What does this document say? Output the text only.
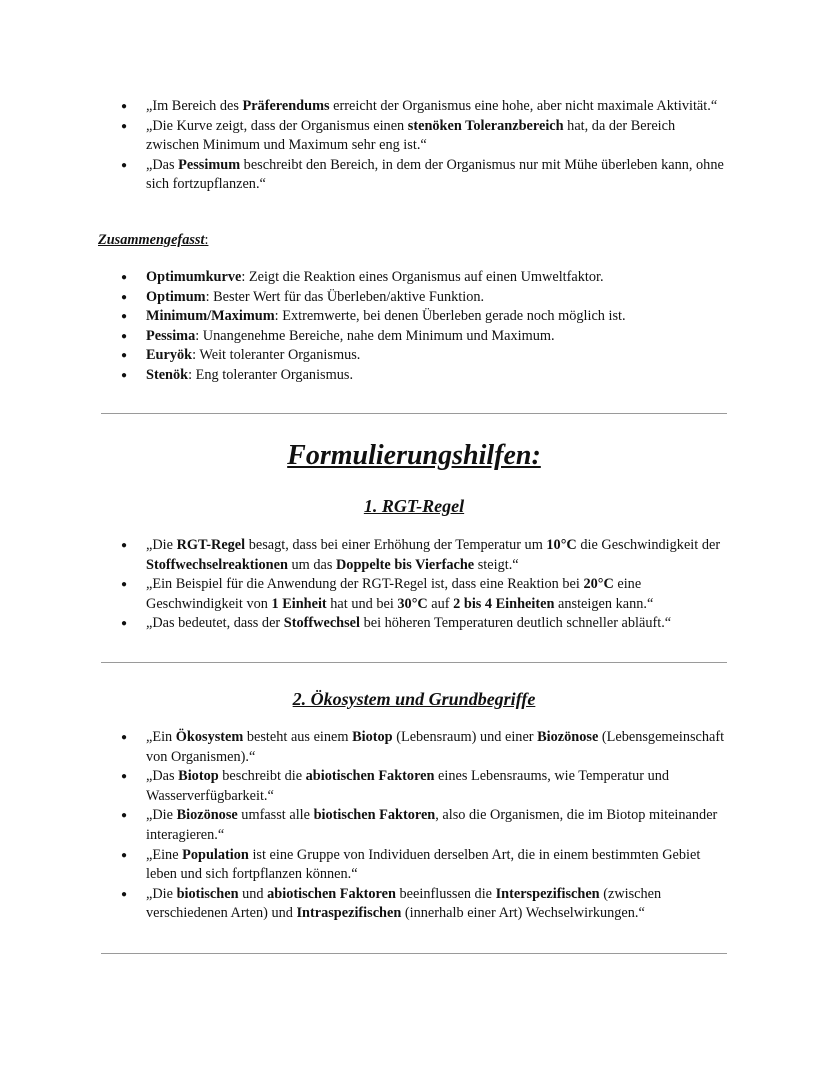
● „Im Bereich des Präferendums erreicht der Organismus eine hohe, aber nicht maximale Aktivität.“
● „Die Kurve zeigt, dass der Organismus einen stenöken Toleranzbereich hat, da der Bereich zwischen Minimum und Maximum sehr eng ist.“
● „Das Pessimum beschreibt den Bereich, in dem der Organismus nur mit Mühe überleben kann, ohne sich fortzupflanzen.“
Zusammengefasst:
● Optimumkurve: Zeigt die Reaktion eines Organismus auf einen Umweltfaktor.
● Optimum: Bester Wert für das Überleben/aktive Funktion.
● Minimum/Maximum: Extremwerte, bei denen Überleben gerade noch möglich ist.
● Pessima: Unangenehme Bereiche, nahe dem Minimum und Maximum.
● Euryök: Weit toleranter Organismus.
● Stenök: Eng toleranter Organismus.
Formulierungshilfen:
1. RGT-Regel
● „Die RGT-Regel besagt, dass bei einer Erhöhung der Temperatur um 10°C die Geschwindigkeit der Stoffwechselreaktionen um das Doppelte bis Vierfache steigt.“
● „Ein Beispiel für die Anwendung der RGT-Regel ist, dass eine Reaktion bei 20°C eine Geschwindigkeit von 1 Einheit hat und bei 30°C auf 2 bis 4 Einheiten ansteigen kann.“
● „Das bedeutet, dass der Stoffwechsel bei höheren Temperaturen deutlich schneller abläuft.“
2. Ökosystem und Grundbegriffe
● „Ein Ökosystem besteht aus einem Biotop (Lebensraum) und einer Biozönose (Lebensgemeinschaft von Organismen).“
● „Das Biotop beschreibt die abiotischen Faktoren eines Lebensraums, wie Temperatur und Wasserverfügbarkeit.“
● „Die Biozönose umfasst alle biotischen Faktoren, also die Organismen, die im Biotop miteinander interagieren.“
● „Eine Population ist eine Gruppe von Individuen derselben Art, die in einem bestimmten Gebiet leben und sich fortpflanzen können.“
● „Die biotischen und abiotischen Faktoren beeinflussen die Interspezifischen (zwischen verschiedenen Arten) und Intraspezifischen (innerhalb einer Art) Wechselwirkungen.“
